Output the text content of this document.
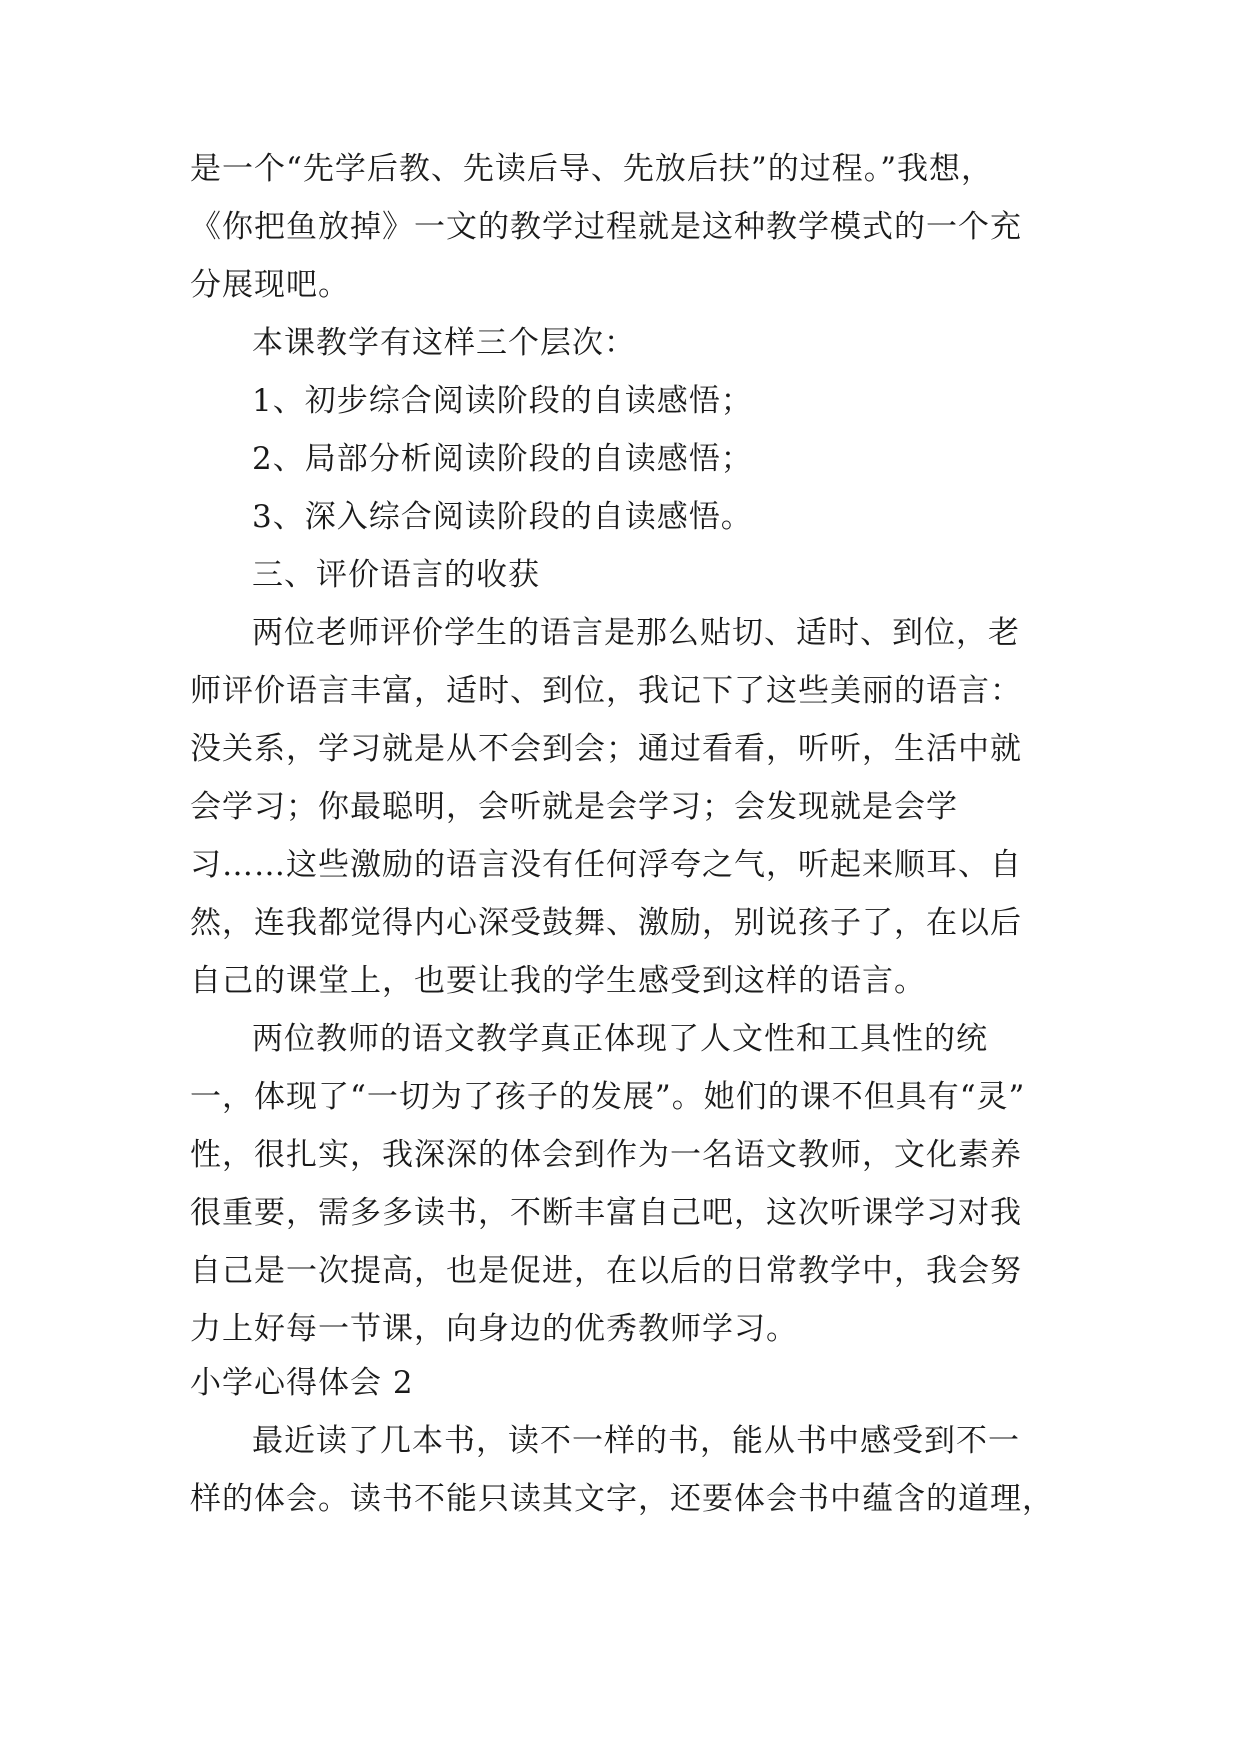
是一个“先学后教、先读后导、先放后扶”的过程。”我想，
《你把鱼放掉》一文的教学过程就是这种教学模式的一个充
分展现吧。
本课教学有这样三个层次：
1、初步综合阅读阶段的自读感悟；
2、局部分析阅读阶段的自读感悟；
3、深入综合阅读阶段的自读感悟。
三、评价语言的收获
两位老师评价学生的语言是那么贴切、适时、到位，老
师评价语言丰富，适时、到位，我记下了这些美丽的语言：
没关系，学习就是从不会到会；通过看看，听听，生活中就
会学习；你最聪明，会听就是会学习；会发现就是会学
习……这些激励的语言没有任何浮夸之气，听起来顺耳、自
然，连我都觉得内心深受鼓舞、激励，别说孩子了，在以后
自己的课堂上，也要让我的学生感受到这样的语言。
两位教师的语文教学真正体现了人文性和工具性的统
一，体现了“一切为了孩子的发展”。她们的课不但具有“灵”
性，很扎实，我深深的体会到作为一名语文教师，文化素养
很重要，需多多读书，不断丰富自己吧，这次听课学习对我
自己是一次提高，也是促进，在以后的日常教学中，我会努
力上好每一节课，向身边的优秀教师学习。
小学心得体会 2
最近读了几本书，读不一样的书，能从书中感受到不一
样的体会。读书不能只读其文字，还要体会书中蕴含的道理，
